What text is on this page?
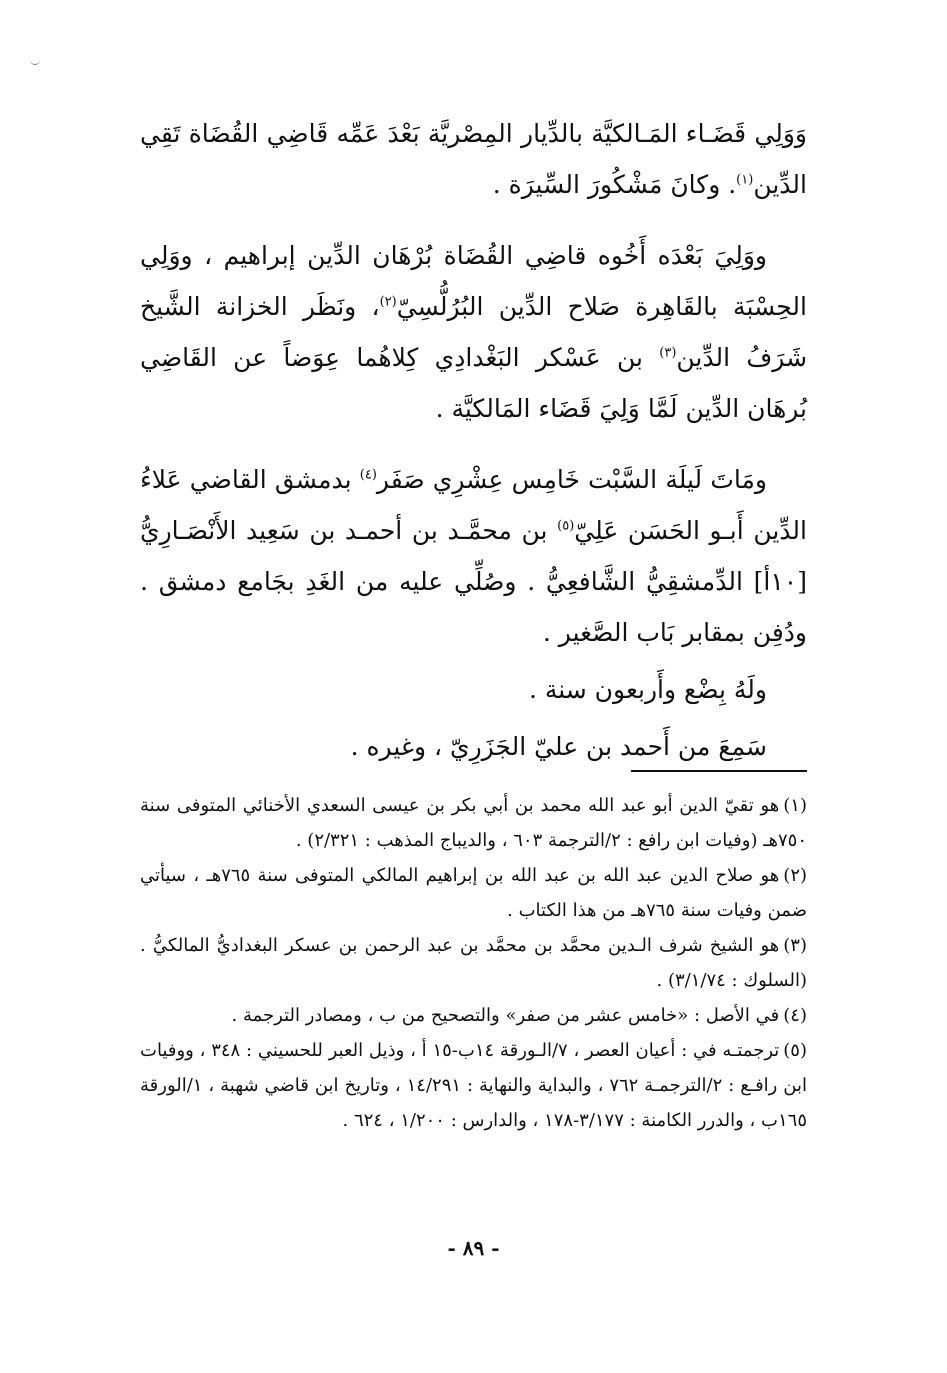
وَوَلِي قَضَـاء المَـالكيَّة بالدِّيار المِصْريَّة بَعْدَ عَمِّه قَاضِي القُضَاة تَقِي الدِّين$^{(١)}$. وكانَ مَشْكُورَ السِّيرَة .

ووَلِيَ بَعْدَه أَخُوه قاضِي القُضَاة بُرْهَان الدِّين إبراهيم ، ووَلِي الحِسْبَة بالقَاهِرة صَلاح الدِّين البُرُلُّسِيّ$^{(٢)}$، ونَظَر الخزانة الشَّيخ شَرَفُ الدِّين$^{(٣)}$ بن عَسْكر البَغْدادِي كِلاهُما عِوَضاً عن القَاضِي بُرهَان الدِّين لَمَّا وَلِيَ قَضَاء المَالكيَّة .

ومَاتَ لَيلَة السَّبْت خَامِس عِشْرِي صَفَر$^{(٤)}$ بدمشق القاضي عَلاءُ الدِّين أَبـو الحَسَن عَلِيّ$^{(٥)}$ بن محمَّـد بن أحمـد بن سَعِيد الأَنْصَـارِيُّ [١٠أ] الدِّمشقِيُّ الشَّافعِيُّ . وصُلِّي عليه من الغَدِ بجَامع دمشق . ودُفِن بمقابر بَاب الصَّغير .

ولَهُ بِضْع وأَربعون سنة .

سَمِعَ من أَحمد بن عليّ الجَزَرِيّ ، وغيره .

(١)هو تقيّ الدين أبو عبد الله محمد بن أبي بكر بن عيسى السعدي الأخنائي المتوفى سنة ٧٥٠هـ (وفيات ابن رافع : ٢/الترجمة ٦٠٣ ، والديباج المذهب : ٢/٣٢١) .

(٢)هو صلاح الدين عبد الله بن عبد الله بن إبراهيم المالكي المتوفى سنة ٧٦٥هـ ، سيأتي ضمن وفيات سنة ٧٦٥هـ من هذا الكتاب .

(٣)هو الشيخ شرف الـدين محمَّد بن محمَّد بن عبد الرحمن بن عسكر البغداديُّ المالكيُّ . (السلوك : ٣/١/٧٤) .

(٤)في الأصل : «خامس عشر من صفر» والتصحيح من ب ، ومصادر الترجمة .

(٥)ترجمتـه في : أعيان العصر ، ٧/الـورقة ١٤ب-١٥ أ ، وذيل العبر للحسيني : ٣٤٨ ، ووفيات ابن رافـع : ٢/الترجمـة ٧٦٢ ، والبداية والنهاية : ١٤/٢٩١ ، وتاريخ ابن قاضي شهبة ، ١/الورقة ١٦٥ب ، والدرر الكامنة : ٣/١٧٧-١٧٨ ، والدارس : ١/٢٠٠ ، ٦٢٤ .

- ٨٩ -
